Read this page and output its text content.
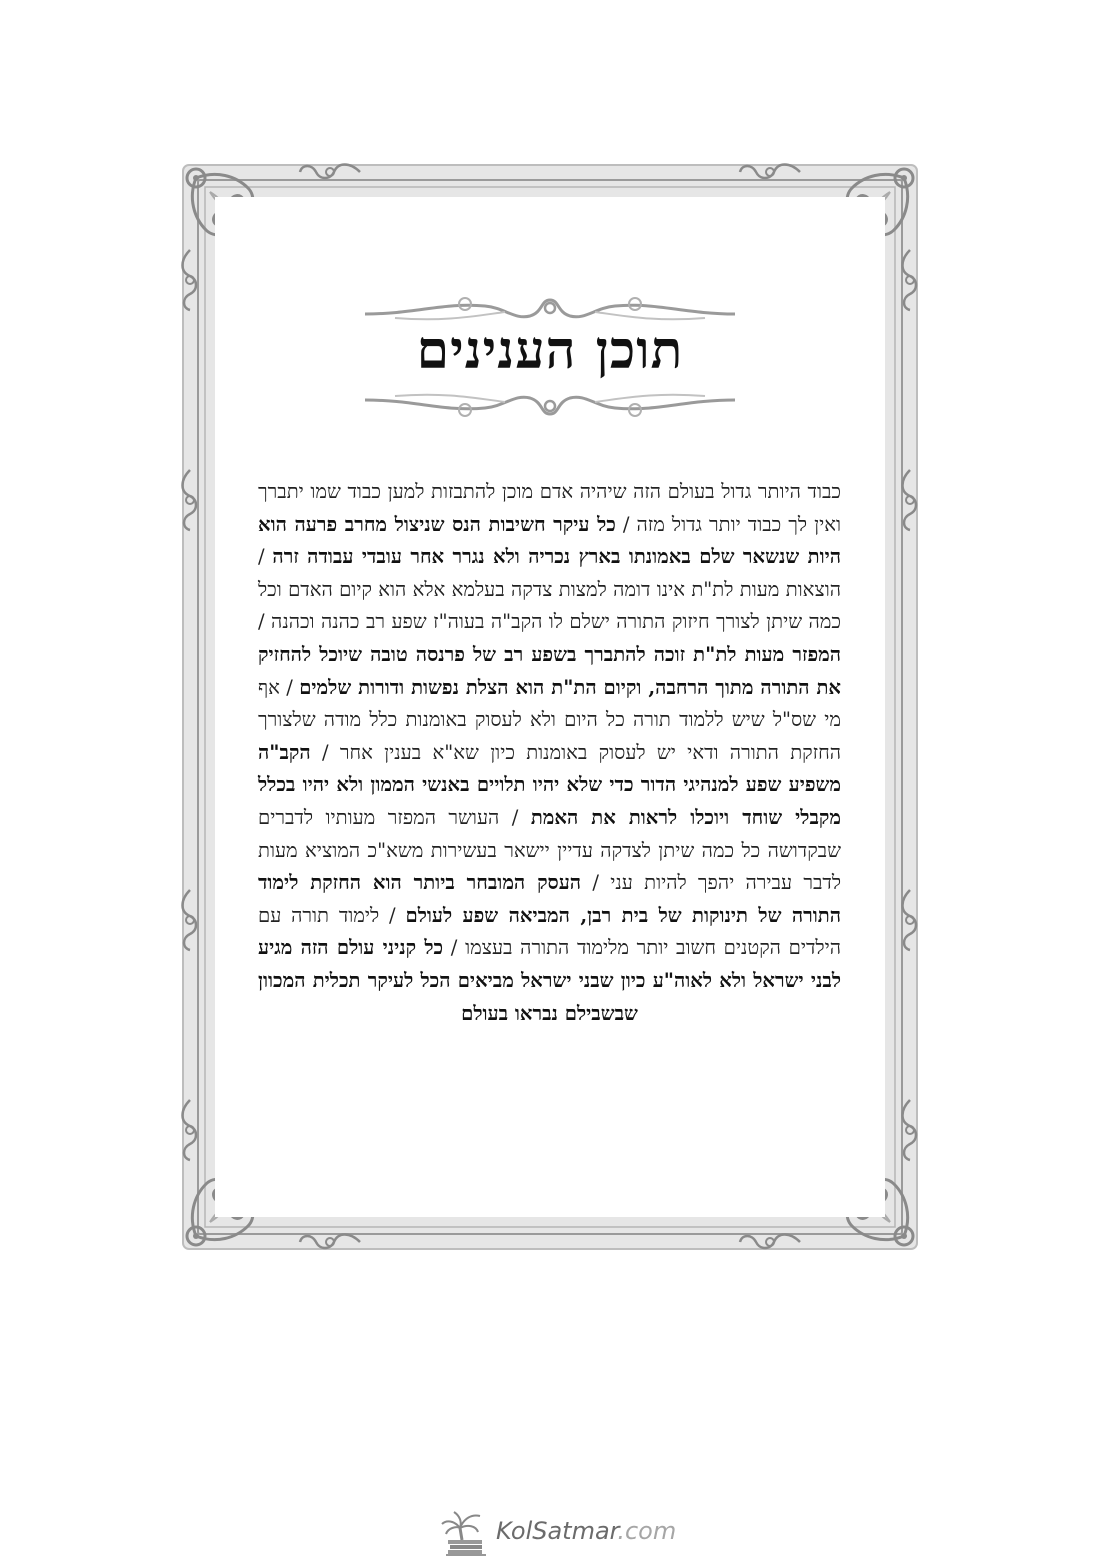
תוכן הענינים
כבוד היותר גדול בעולם הזה שיהיה אדם מוכן להתבזות למען כבוד שמו יתברך ואין לך כבוד יותר גדול מזה / כל עיקר חשיבות הנס שניצול מחרב פרעה הוא היות שנשאר שלם באמונתו בארץ נכריה ולא נגרר אחר עובדי עבודה זרה / הוצאות מעות לת"ת אינו דומה למצות צדקה בעלמא אלא הוא קיום האדם וכל כמה שיתן לצורך חיזוק התורה ישלם לו הקב"ה בעוה"ז שפע רב כהנה וכהנה / המפזר מעות לת"ת זוכה להתברך בשפע רב של פרנסה טובה שיוכל להחזיק את התורה מתוך הרחבה, וקיום הת"ת הוא הצלת נפשות ודורות שלמים / אף מי שס"ל שיש ללמוד תורה כל היום ולא לעסוק באומנות כלל מודה שלצורך החזקת התורה ודאי יש לעסוק באומנות כיון שא"א בענין אחר / הקב"ה משפיע שפע למנהיגי הדור כדי שלא יהיו תלויים באנשי הממון ולא יהיו בכלל מקבלי שוחד ויוכלו לראות את האמת / העושר המפזר מעותיו לדברים שבקדושה כל כמה שיתן לצדקה עדיין יישאר בעשירות משא"כ המוציא מעות לדבר עבירה יהפך להיות עני / העסק המובחר ביותר הוא החזקת לימוד התורה של תינוקות של בית רבן, המביאה שפע לעולם / לימוד תורה עם הילדים הקטנים חשוב יותר מלימוד התורה בעצמו / כל קניני עולם הזה מגיע לבני ישראל ולא לאוה"ע כיון שבני ישראל מביאים הכל לעיקר תכלית המכוון שבשבילם נבראו בעולם
KolSatmar.com
